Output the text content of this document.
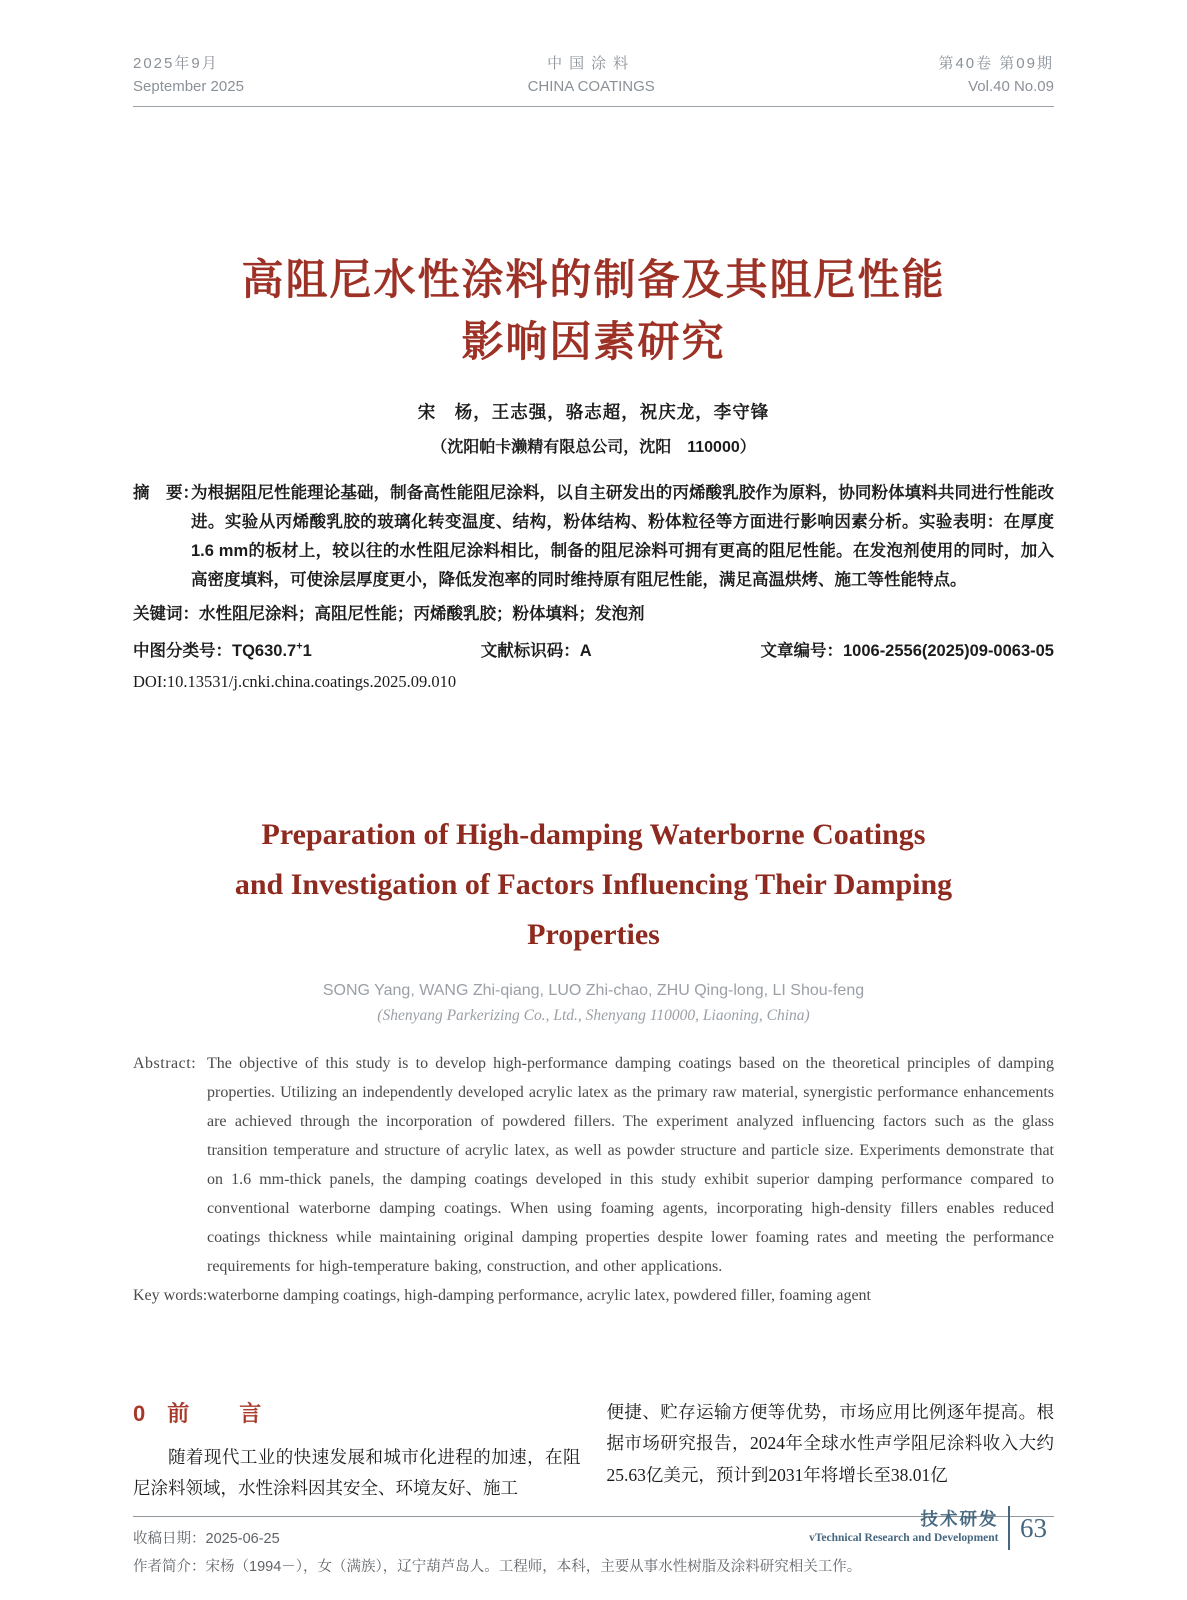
2025年9月
September 2025
中国涂料
CHINA COATINGS
第40卷 第09期
Vol.40 No.09
高阻尼水性涂料的制备及其阻尼性能
影响因素研究
宋　杨，王志强，骆志超，祝庆龙，李守锋
（沈阳帕卡濑精有限总公司，沈阳　110000）
摘　要：
为根据阻尼性能理论基础，制备高性能阻尼涂料，以自主研发出的丙烯酸乳胶作为原料，协同粉体填料共同进行性能改进。实验从丙烯酸乳胶的玻璃化转变温度、结构，粉体结构、粉体粒径等方面进行影响因素分析。实验表明：在厚度1.6 mm的板材上，较以往的水性阻尼涂料相比，制备的阻尼涂料可拥有更高的阻尼性能。在发泡剂使用的同时，加入高密度填料，可使涂层厚度更小，降低发泡率的同时维持原有阻尼性能，满足高温烘烤、施工等性能特点。
关键词：水性阻尼涂料；高阻尼性能；丙烯酸乳胶；粉体填料；发泡剂
中图分类号：TQ630.7+1	文献标识码：A	文章编号：1006-2556(2025)09-0063-05
DOI:10.13531/j.cnki.china.coatings.2025.09.010
Preparation of High-damping Waterborne Coatings
and Investigation of Factors Influencing Their Damping
Properties
SONG Yang, WANG Zhi-qiang, LUO Zhi-chao, ZHU Qing-long, LI Shou-feng
(Shenyang Parkerizing Co., Ltd., Shenyang 110000, Liaoning, China)
Abstract: The objective of this study is to develop high-performance damping coatings based on the theoretical principles of damping properties. Utilizing an independently developed acrylic latex as the primary raw material, synergistic performance enhancements are achieved through the incorporation of powdered fillers. The experiment analyzed influencing factors such as the glass transition temperature and structure of acrylic latex, as well as powder structure and particle size. Experiments demonstrate that on 1.6 mm-thick panels, the damping coatings developed in this study exhibit superior damping performance compared to conventional waterborne damping coatings. When using foaming agents, incorporating high-density fillers enables reduced coatings thickness while maintaining original damping properties despite lower foaming rates and meeting the performance requirements for high-temperature baking, construction, and other applications.
Key words: waterborne damping coatings, high-damping performance, acrylic latex, powdered filler, foaming agent
0 前　言

随着现代工业的快速发展和城市化进程的加速，在阻尼涂料领域，水性涂料因其安全、环境友好、施工

便捷、贮存运输方便等优势，市场应用比例逐年提高。根据市场研究报告，2024年全球水性声学阻尼涂料收入大约25.63亿美元，预计到2031年将增长至38.01亿

收稿日期：2025-06-25
作者简介：宋杨（1994－），女（满族），辽宁葫芦岛人。工程师，本科，主要从事水性树脂及涂料研究相关工作。
技术研发
vTechnical Research and Development 63
